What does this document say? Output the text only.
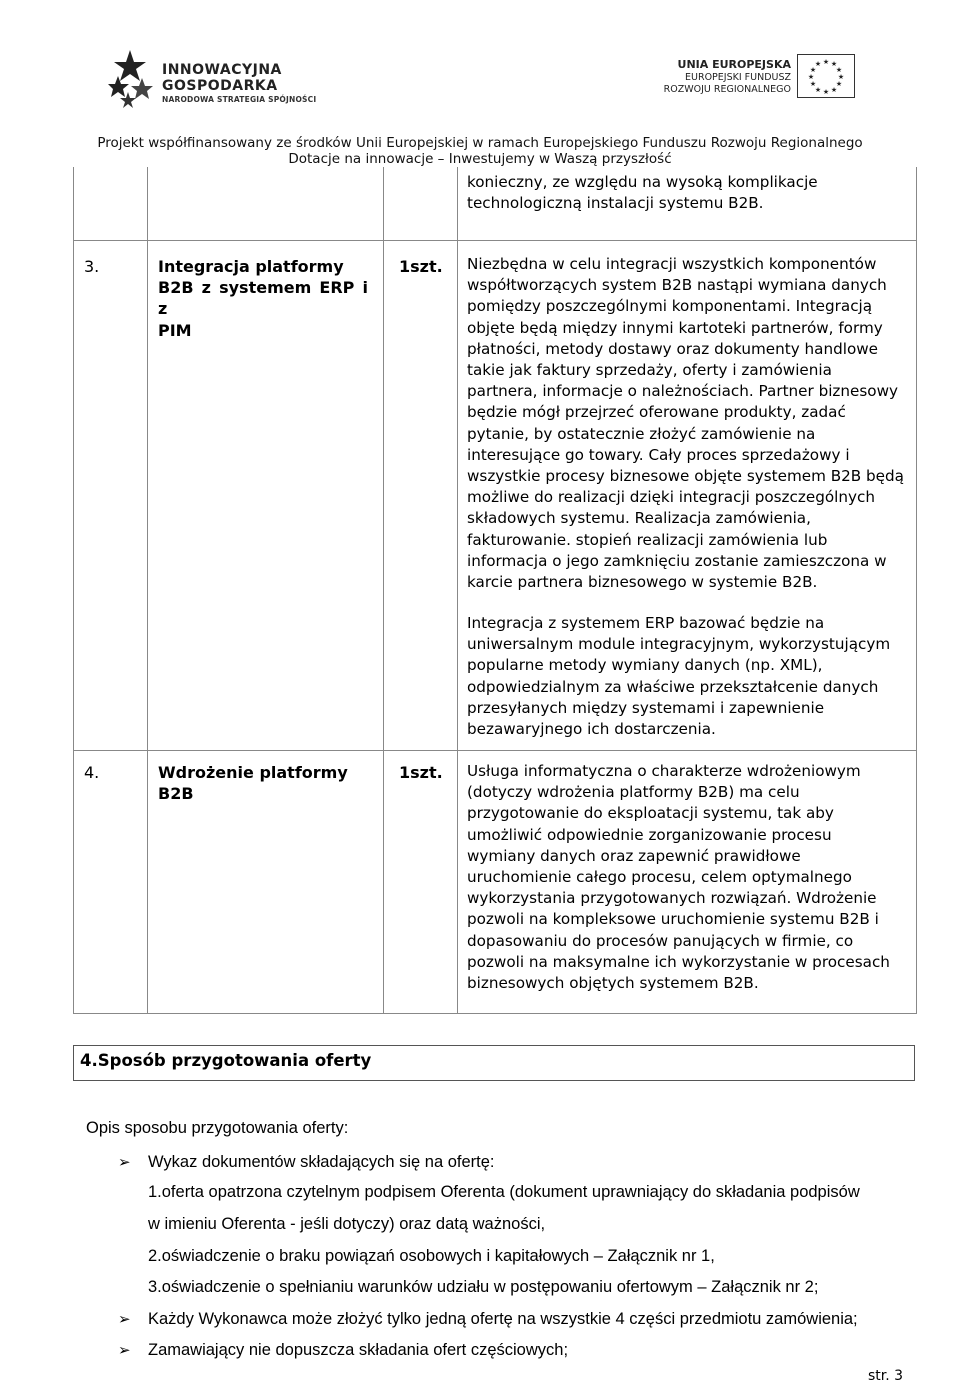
INNOWACYJNA
GOSPODARKA
NARODOWA STRATEGIA SPÓJNOŚCI
UNIA EUROPEJSKA
EUROPEJSKI FUNDUSZ
ROZWOJU REGIONALNEGO
★ ★
★
★
★
★
★
★
★
★
★
★
Projekt współfinansowany ze środków Unii Europejskiej w ramach Europejskiego Funduszu Rozwoju Regionalnego
Dotacje na innowacje – Inwestujemy w Waszą przyszłość
konieczny, ze względu na wysoką komplikacje
technologiczną instalacji systemu B2B.
3.	Integracja platformy
B2B z systemem ERP i z
PIM
1szt. Niezbędna w celu integracji wszystkich komponentów
współtworzących system B2B nastąpi wymiana danych
pomiędzy poszczególnymi komponentami. Integracją
objęte będą między innymi kartoteki partnerów, formy
płatności, metody dostawy oraz dokumenty handlowe
takie jak faktury sprzedaży, oferty i zamówienia
partnera, informacje o należnościach. Partner biznesowy
będzie mógł przejrzeć oferowane produkty, zadać
pytanie, by ostatecznie złożyć zamówienie na
interesujące go towary. Cały proces sprzedażowy i
wszystkie procesy biznesowe objęte systemem B2B będą
możliwe do realizacji dzięki integracji poszczególnych
składowych systemu. Realizacja zamówienia,
fakturowanie. stopień realizacji zamówienia lub
informacja o jego zamknięciu zostanie zamieszczona w
karcie partnera biznesowego w systemie B2B.
Integracja z systemem ERP bazować będzie na
uniwersalnym module integracyjnym, wykorzystującym
popularne metody wymiany danych (np. XML),
odpowiedzialnym za właściwe przekształcenie danych
przesyłanych między systemami i zapewnienie
bezawaryjnego ich dostarczenia.
4.	Wdrożenie platformy
B2B
1szt. Usługa informatyczna o charakterze wdrożeniowym
(dotyczy wdrożenia platformy B2B) ma celu
przygotowanie do eksploatacji systemu, tak aby
umożliwić odpowiednie zorganizowanie procesu
wymiany danych oraz zapewnić prawidłowe
uruchomienie całego procesu, celem optymalnego
wykorzystania przygotowanych rozwiązań. Wdrożenie
pozwoli na kompleksowe uruchomienie systemu B2B i
dopasowaniu do procesów panujących w firmie, co
pozwoli na maksymalne ich wykorzystanie w procesach
biznesowych objętych systemem B2B.
4.Sposób przygotowania oferty
Opis sposobu przygotowania oferty:
➢ Wykaz dokumentów składających się na ofertę:
1.oferta opatrzona czytelnym podpisem Oferenta (dokument uprawniający do składania podpisów
w imieniu Oferenta - jeśli dotyczy) oraz datą ważności,
2.oświadczenie o braku powiązań osobowych i kapitałowych – Załącznik nr 1,
3.oświadczenie o spełnianiu warunków udziału w postępowaniu ofertowym – Załącznik nr 2;
➢ Każdy Wykonawca może złożyć tylko jedną ofertę na wszystkie 4 części przedmiotu zamówienia;
➢ Zamawiający nie dopuszcza składania ofert częściowych;
str. 3
